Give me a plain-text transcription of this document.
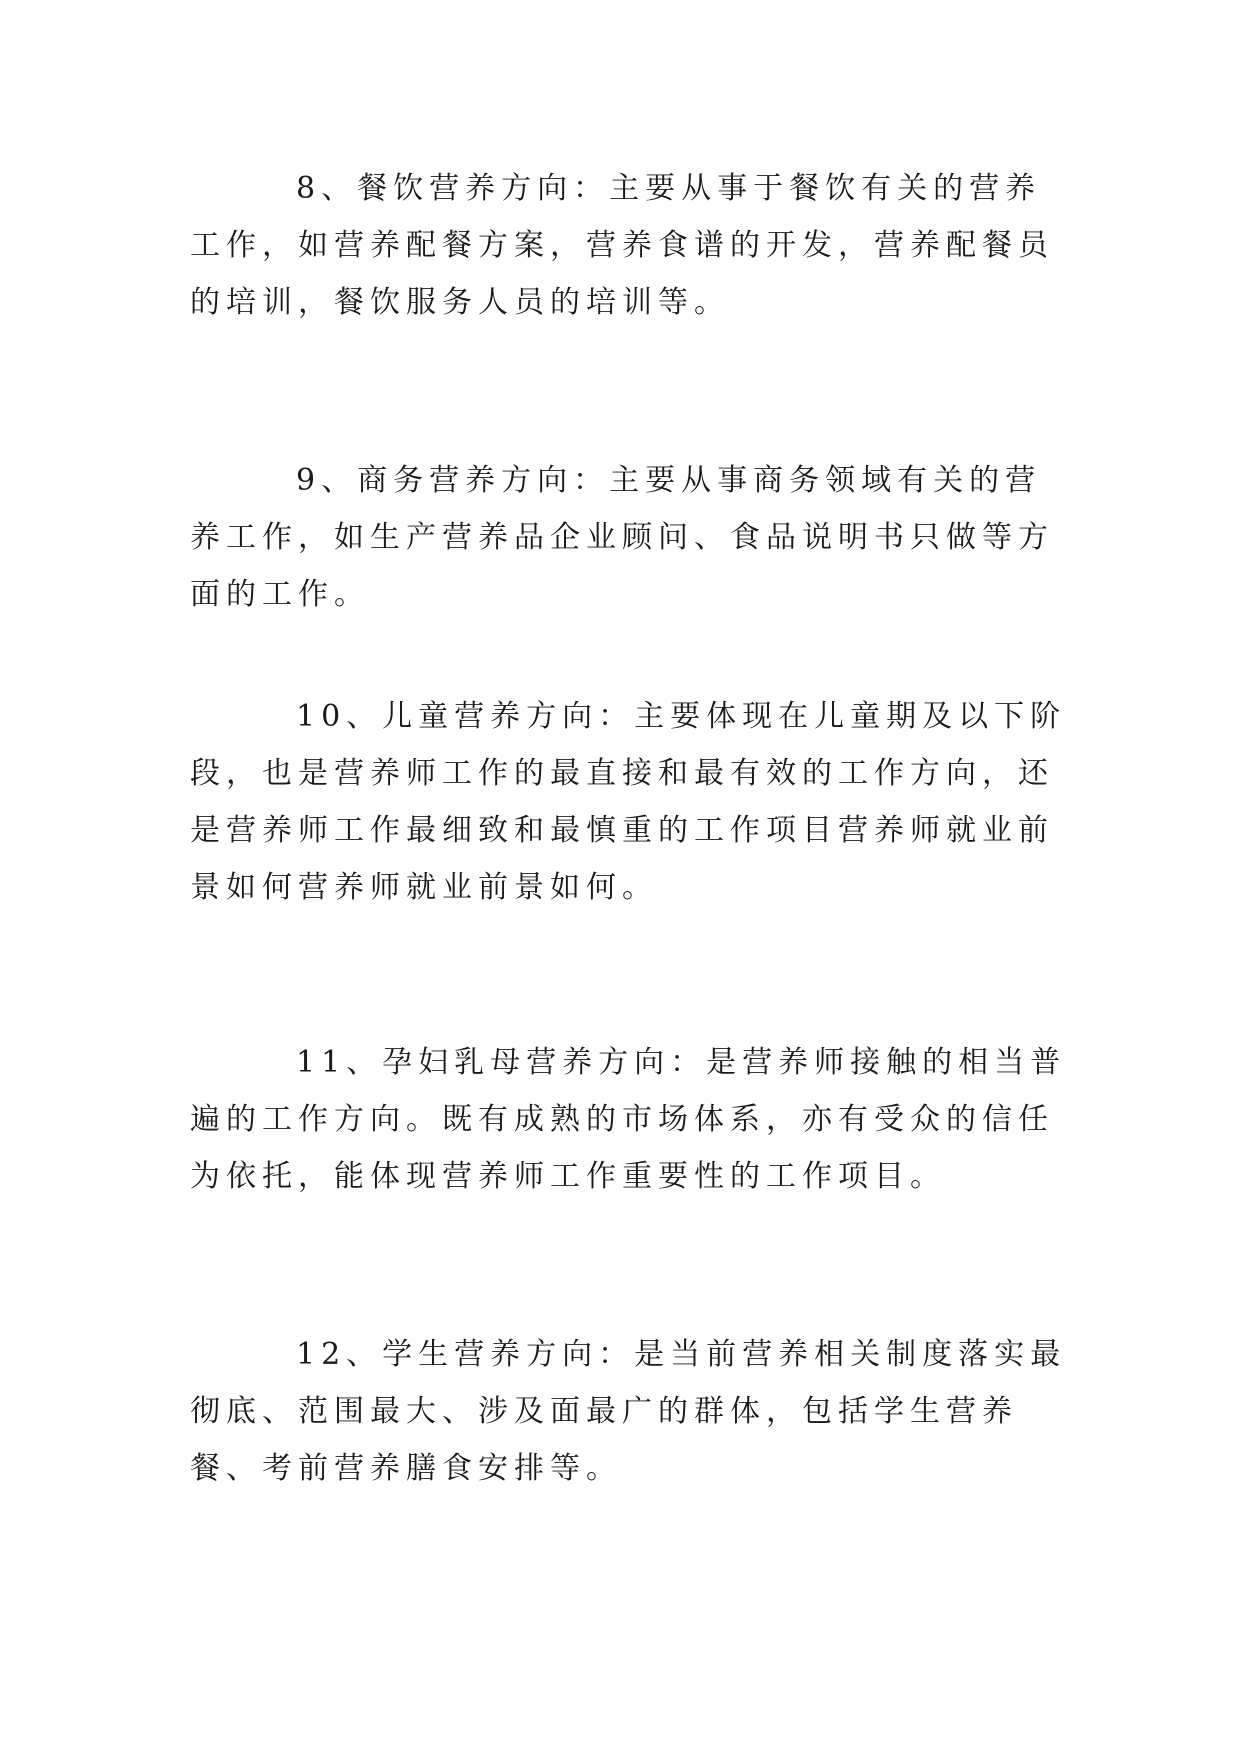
8、餐饮营养方向：主要从事于餐饮有关的营养工作，如营养配餐方案，营养食谱的开发，营养配餐员的培训，餐饮服务人员的培训等。

9、商务营养方向：主要从事商务领域有关的营养工作，如生产营养品企业顾问、食品说明书只做等方面的工作。

10、儿童营养方向：主要体现在儿童期及以下阶段，也是营养师工作的最直接和最有效的工作方向，还是营养师工作最细致和最慎重的工作项目营养师就业前景如何营养师就业前景如何。

11、孕妇乳母营养方向：是营养师接触的相当普遍的工作方向。既有成熟的市场体系，亦有受众的信任为依托，能体现营养师工作重要性的工作项目。

12、学生营养方向：是当前营养相关制度落实最彻底、范围最大、涉及面最广的群体，包括学生营养餐、考前营养膳食安排等。
